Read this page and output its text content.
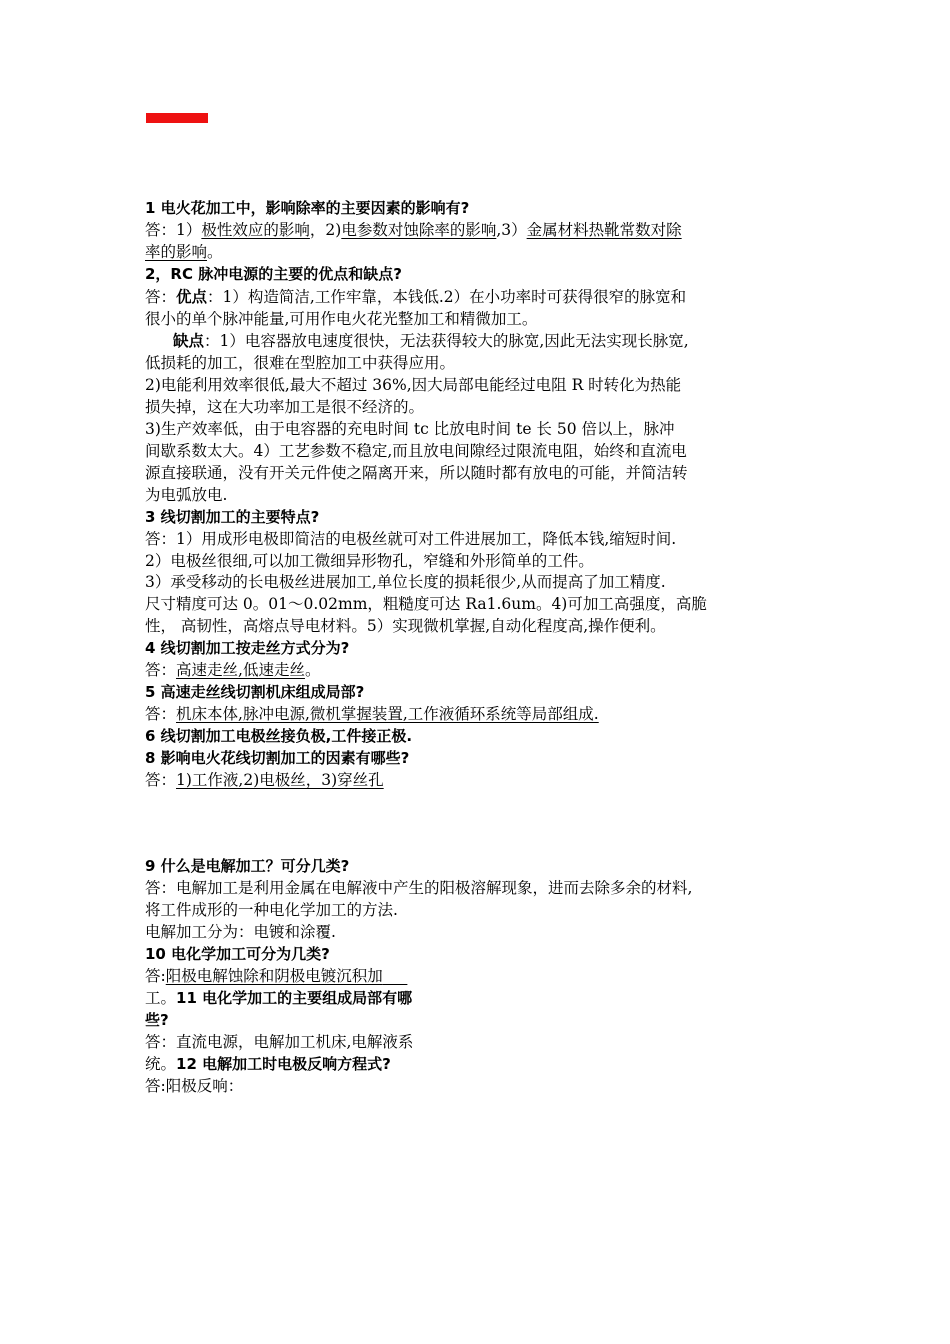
1 电火花加工中，影响除率的主要因素的影响有?

答：1）极性效应的影响，2)电参数对蚀除率的影响,3）金属材料热靴常数对除
率的影响。

2，RC 脉冲电源的主要的优点和缺点?

答：优点：1）构造简洁,工作牢靠，本钱低.2）在小功率时可获得很窄的脉宽和

很小的单个脉冲能量,可用作电火花光整加工和精微加工。

缺点：1）电容器放电速度很快，无法获得较大的脉宽,因此无法实现长脉宽,

低损耗的加工，很难在型腔加工中获得应用。

2)电能利用效率很低,最大不超过 36%,因大局部电能经过电阻 R 时转化为热能

损失掉，这在大功率加工是很不经济的。

3)生产效率低，由于电容器的充电时间 tc 比放电时间 te 长 50 倍以上，脉冲

间歇系数太大。4）工艺参数不稳定,而且放电间隙经过限流电阻，始终和直流电

源直接联通，没有开关元件使之隔离开来，所以随时都有放电的可能，并简洁转

为电弧放电.

3 线切割加工的主要特点?

答：1）用成形电极即简洁的电极丝就可对工件进展加工，降低本钱,缩短时间.

2）电极丝很细,可以加工微细异形物孔，窄缝和外形简单的工件。

3）承受移动的长电极丝进展加工,单位长度的损耗很少,从而提高了加工精度.

尺寸精度可达 0。01～0.02mm，粗糙度可达 Ra1.6um。4)可加工高强度，高脆

性， 高韧性，高熔点导电材料。5）实现微机掌握,自动化程度高,操作便利。

4 线切割加工按走丝方式分为?

答：高速走丝,低速走丝。

5 高速走丝线切割机床组成局部?

答：机床本体,脉冲电源,微机掌握装置,工作液循环系统等局部组成.

6 线切割加工电极丝接负极,工件接正极.

8 影响电火花线切割加工的因素有哪些?

答：1)工作液,2)电极丝，3)穿丝孔

9 什么是电解加工？可分几类?

答：电解加工是利用金属在电解液中产生的阳极溶解现象，进而去除多余的材料,

将工件成形的一种电化学加工的方法.

电解加工分为：电镀和涂覆.

10 电化学加工可分为几类?

答:阳极电解蚀除和阴极电镀沉积加

工。11 电化学加工的主要组成局部有哪

些?

答：直流电源，电解加工机床,电解液系

统。12 电解加工时电极反响方程式?

答:阳极反响：
